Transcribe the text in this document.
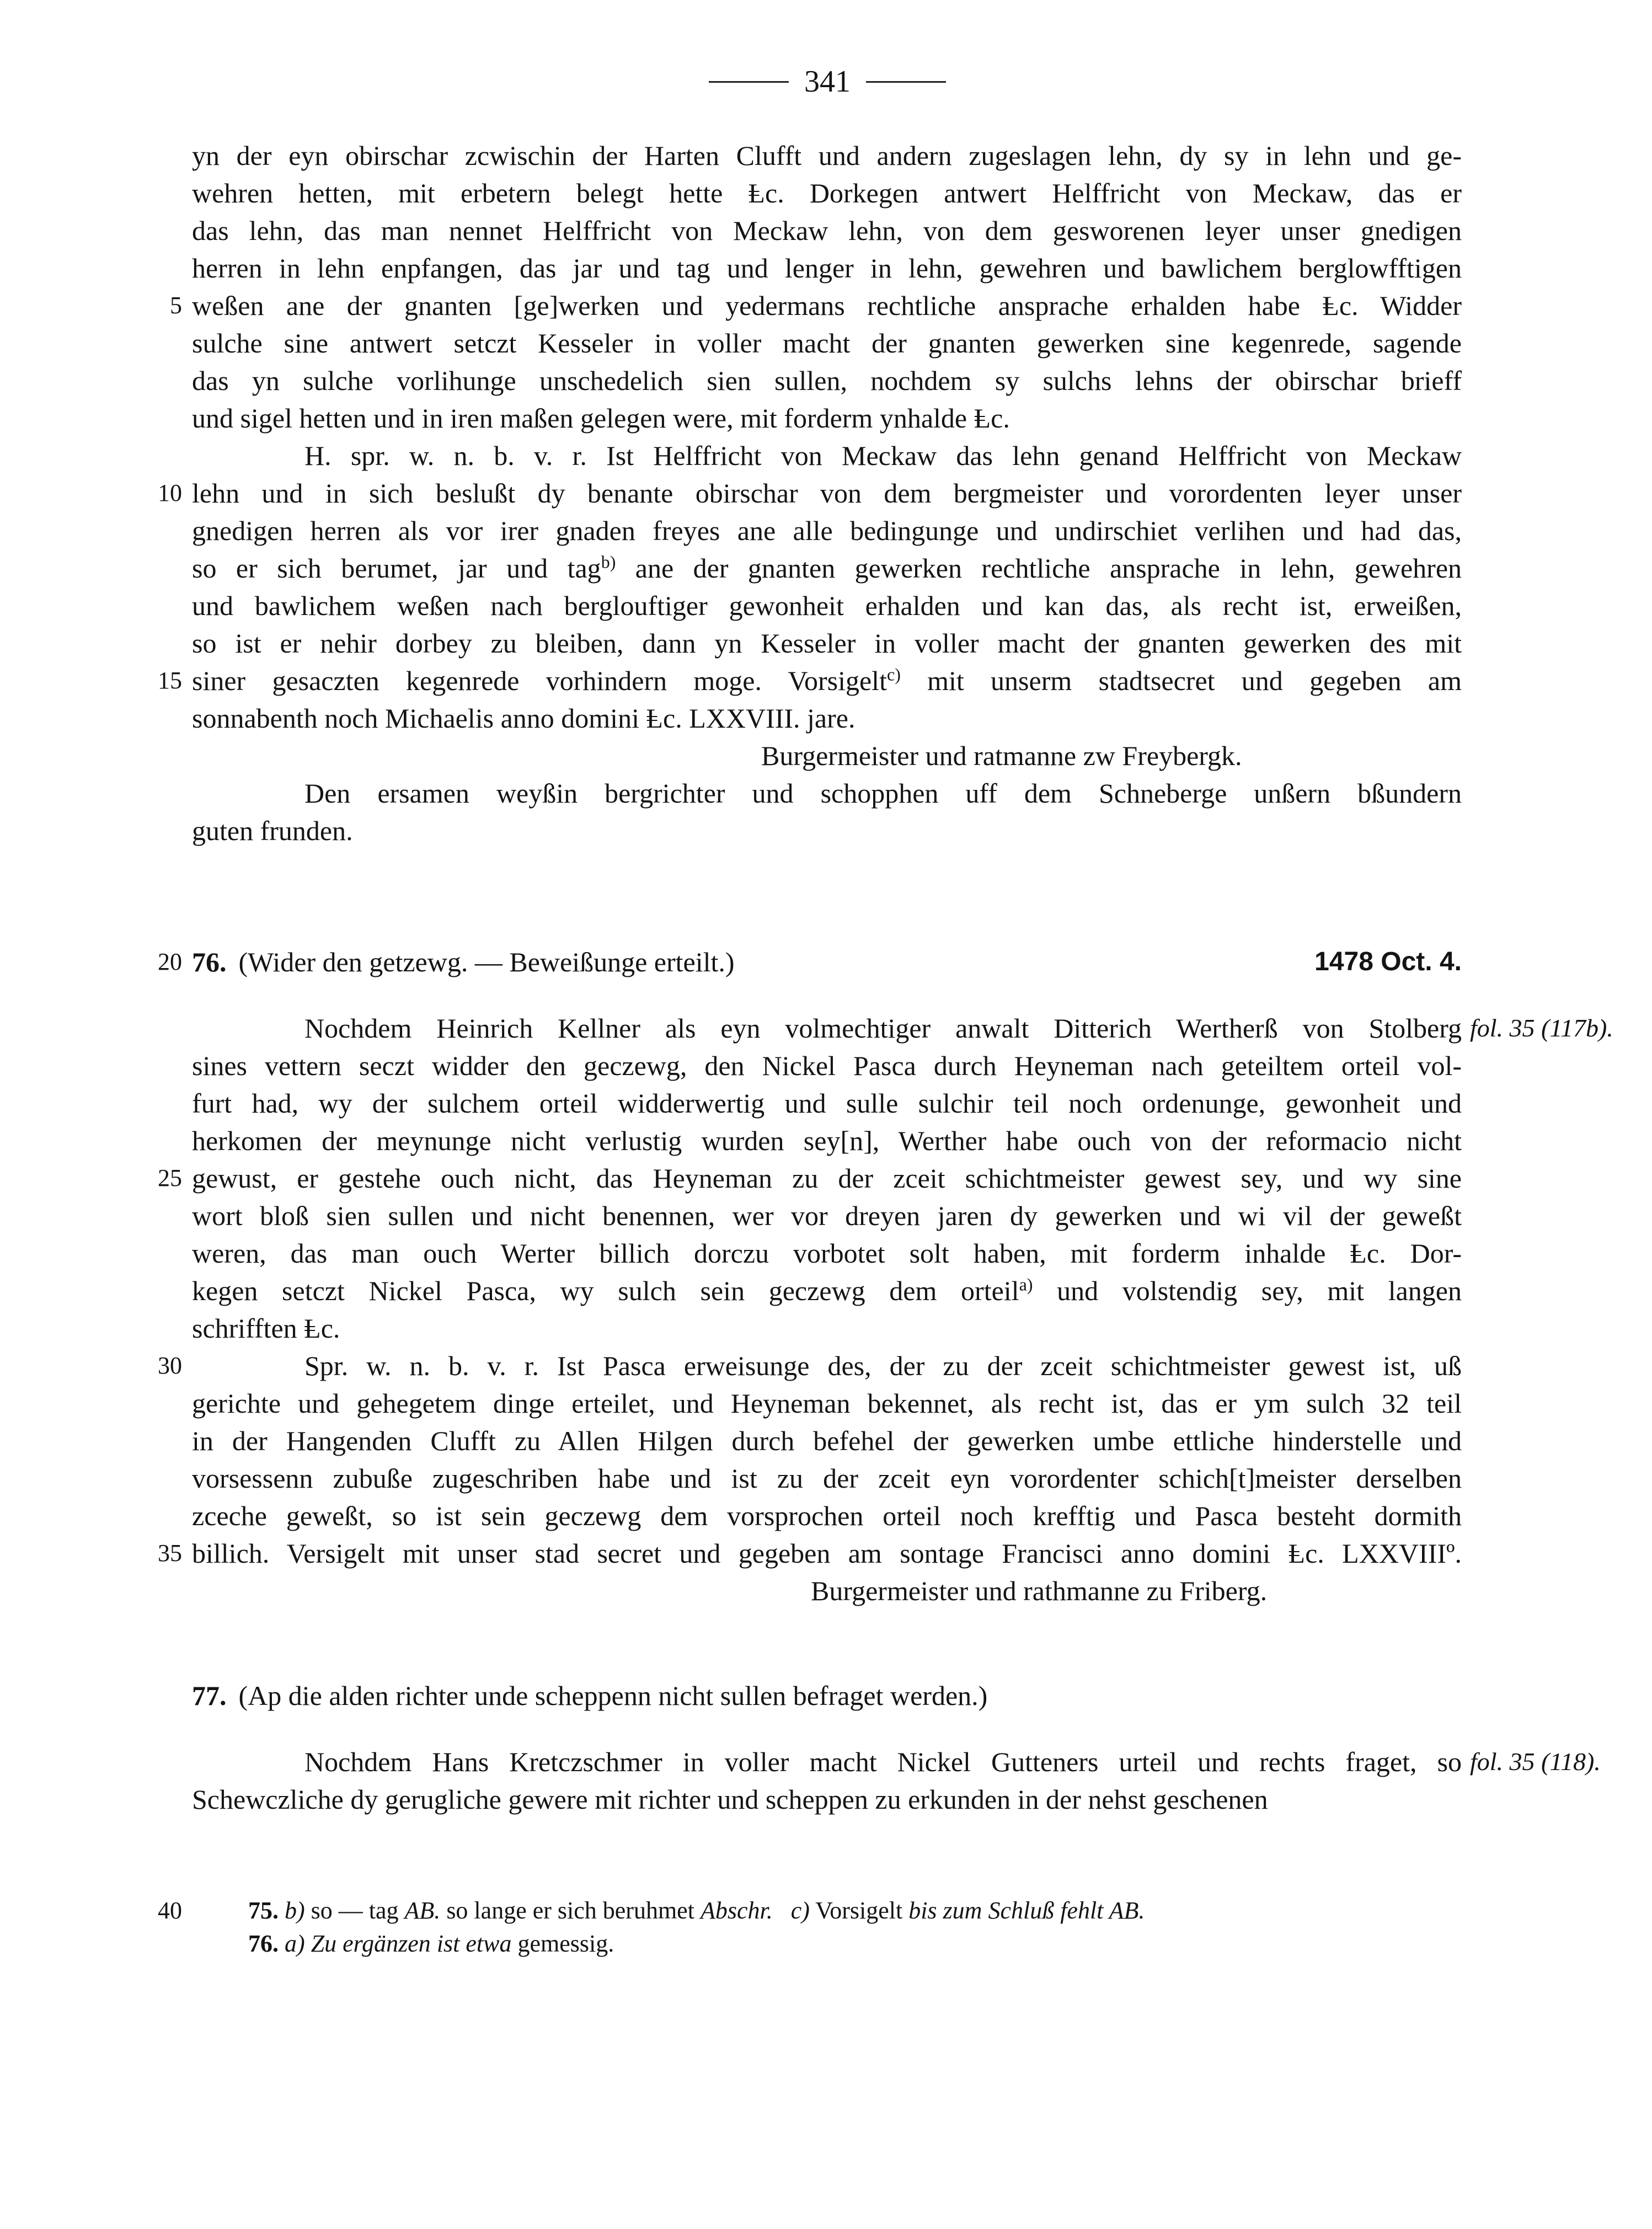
341
yn der eyn obirschar zcwischin der Harten Clufft und andern zugeslagen lehn, dy sy in lehn und ge-
wehren hetten, mit erbetern belegt hette Ⱡc. Dorkegen antwert Helffricht von Meckaw, das er
das lehn, das man nennet Helffricht von Meckaw lehn, von dem gesworenen leyer unser gnedigen
herren in lehn enpfangen, das jar und tag und lenger in lehn, gewehren und bawlichem berglowfftigen
5 weßen ane der gnanten [ge]werken und yedermans rechtliche ansprache erhalden habe Ⱡc. Widder
sulche sine antwert setczt Kesseler in voller macht der gnanten gewerken sine kegenrede, sagende
das yn sulche vorlihunge unschedelich sien sullen, nochdem sy sulchs lehns der obirschar brieff
und sigel hetten und in iren maßen gelegen were, mit forderm ynhalde Ⱡc.
H. spr. w. n. b. v. r. Ist Helffricht von Meckaw das lehn genand Helffricht von Meckaw
10 lehn und in sich beslußt dy benante obirschar von dem bergmeister und vorordenten leyer unser
gnedigen herren als vor irer gnaden freyes ane alle bedingunge und undirschiet verlihen und had das,
so er sich berumet, jar und tag$^{b)}$ ane der gnanten gewerken rechtliche ansprache in lehn, gewehren
und bawlichem weßen nach berglouftiger gewonheit erhalden und kan das, als recht ist, erweißen,
so ist er nehir dorbey zu bleiben, dann yn Kesseler in voller macht der gnanten gewerken des mit
15 siner gesaczten kegenrede vorhindern moge. Vorsigelt$^{c)}$ mit unserm stadtsecret und gegeben am
sonnabenth noch Michaelis anno domini Ⱡc. LXXVIII. jare.
Burgermeister und ratmanne zw Freybergk.
Den ersamen weyßin bergrichter und schopphen uff dem Schneberge unßern bßundern
guten frunden.
20 76. (Wider den getzewg. — Beweißunge erteilt.)	1478 Oct. 4.
Nochdem Heinrich Kellner als eyn volmechtiger anwalt Ditterich Wertherß von Stolberg fol. 35 (117b).
sines vettern seczt widder den geczewg, den Nickel Pasca durch Heyneman nach geteiltem orteil vol-
furt had, wy der sulchem orteil widderwertig und sulle sulchir teil noch ordenunge, gewonheit und
herkomen der meynunge nicht verlustig wurden sey[n], Werther habe ouch von der reformacio nicht
25 gewust, er gestehe ouch nicht, das Heyneman zu der zceit schichtmeister gewest sey, und wy sine
wort bloß sien sullen und nicht benennen, wer vor dreyen jaren dy gewerken und wi vil der geweßt
weren, das man ouch Werter billich dorczu vorbotet solt haben, mit forderm inhalde Ⱡc. Dor-
kegen setczt Nickel Pasca, wy sulch sein geczewg dem orteil$^{a)}$ und volstendig sey, mit langen
schrifften Ⱡc.
30	Spr. w. n. b. v. r. Ist Pasca erweisunge des, der zu der zceit schichtmeister gewest ist, uß
gerichte und gehegetem dinge erteilet, und Heyneman bekennet, als recht ist, das er ym sulch 32 teil
in der Hangenden Clufft zu Allen Hilgen durch befehel der gewerken umbe ettliche hinderstelle und
vorsessenn zubuße zugeschriben habe und ist zu der zceit eyn vorordenter schich[t]meister derselben
zceche geweßt, so ist sein geczewg dem vorsprochen orteil noch krefftig und Pasca besteht dormith
35 billich. Versigelt mit unser stad secret und gegeben am sontage Francisci anno domini Ⱡc. LXXVIIIº.
Burgermeister und rathmanne zu Friberg.
77. (Ap die alden richter unde scheppenn nicht sullen befraget werden.)
Nochdem Hans Kretczschmer in voller macht Nickel Gutteners urteil und rechts fraget, so fol. 35 (118).
Schewczliche dy gerugliche gewere mit richter und scheppen zu erkunden in der nehst geschenen
40	75. b) so — tag AB. so lange er sich beruhmet Abschr. c) Vorsigelt bis zum Schluß fehlt AB.
76. a) Zu ergänzen ist etwa gemessig.
